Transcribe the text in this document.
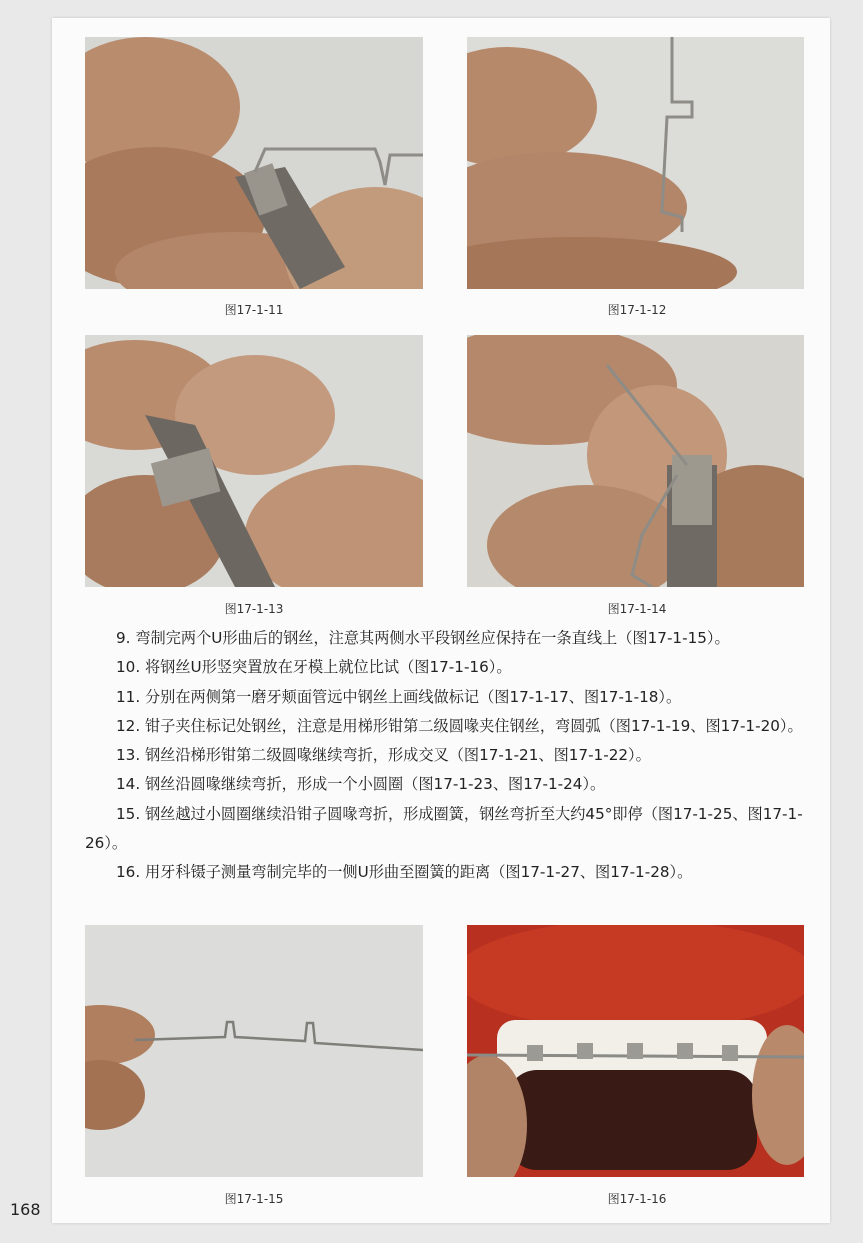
图17-1-11	图17-1-12
图17-1-13	图17-1-14

9. 弯制完两个U形曲后的钢丝，注意其两侧水平段钢丝应保持在一条直线上（图17-1-15）。

10. 将钢丝U形竖突置放在牙模上就位比试（图17-1-16）。

11. 分别在两侧第一磨牙颊面管远中钢丝上画线做标记（图17-1-17、图17-1-18）。

12. 钳子夹住标记处钢丝，注意是用梯形钳第二级圆喙夹住钢丝，弯圆弧（图17-1-19、图17-1-20）。

13. 钢丝沿梯形钳第二级圆喙继续弯折，形成交叉（图17-1-21、图17-1-22）。

14. 钢丝沿圆喙继续弯折，形成一个小圆圈（图17-1-23、图17-1-24）。

15. 钢丝越过小圆圈继续沿钳子圆喙弯折，形成圈簧，钢丝弯折至大约45°即停（图17-1-25、图17-1-26）。

16. 用牙科镊子测量弯制完毕的一侧U形曲至圈簧的距离（图17-1-27、图17-1-28）。

图17-1-15	图17-1-16
168
